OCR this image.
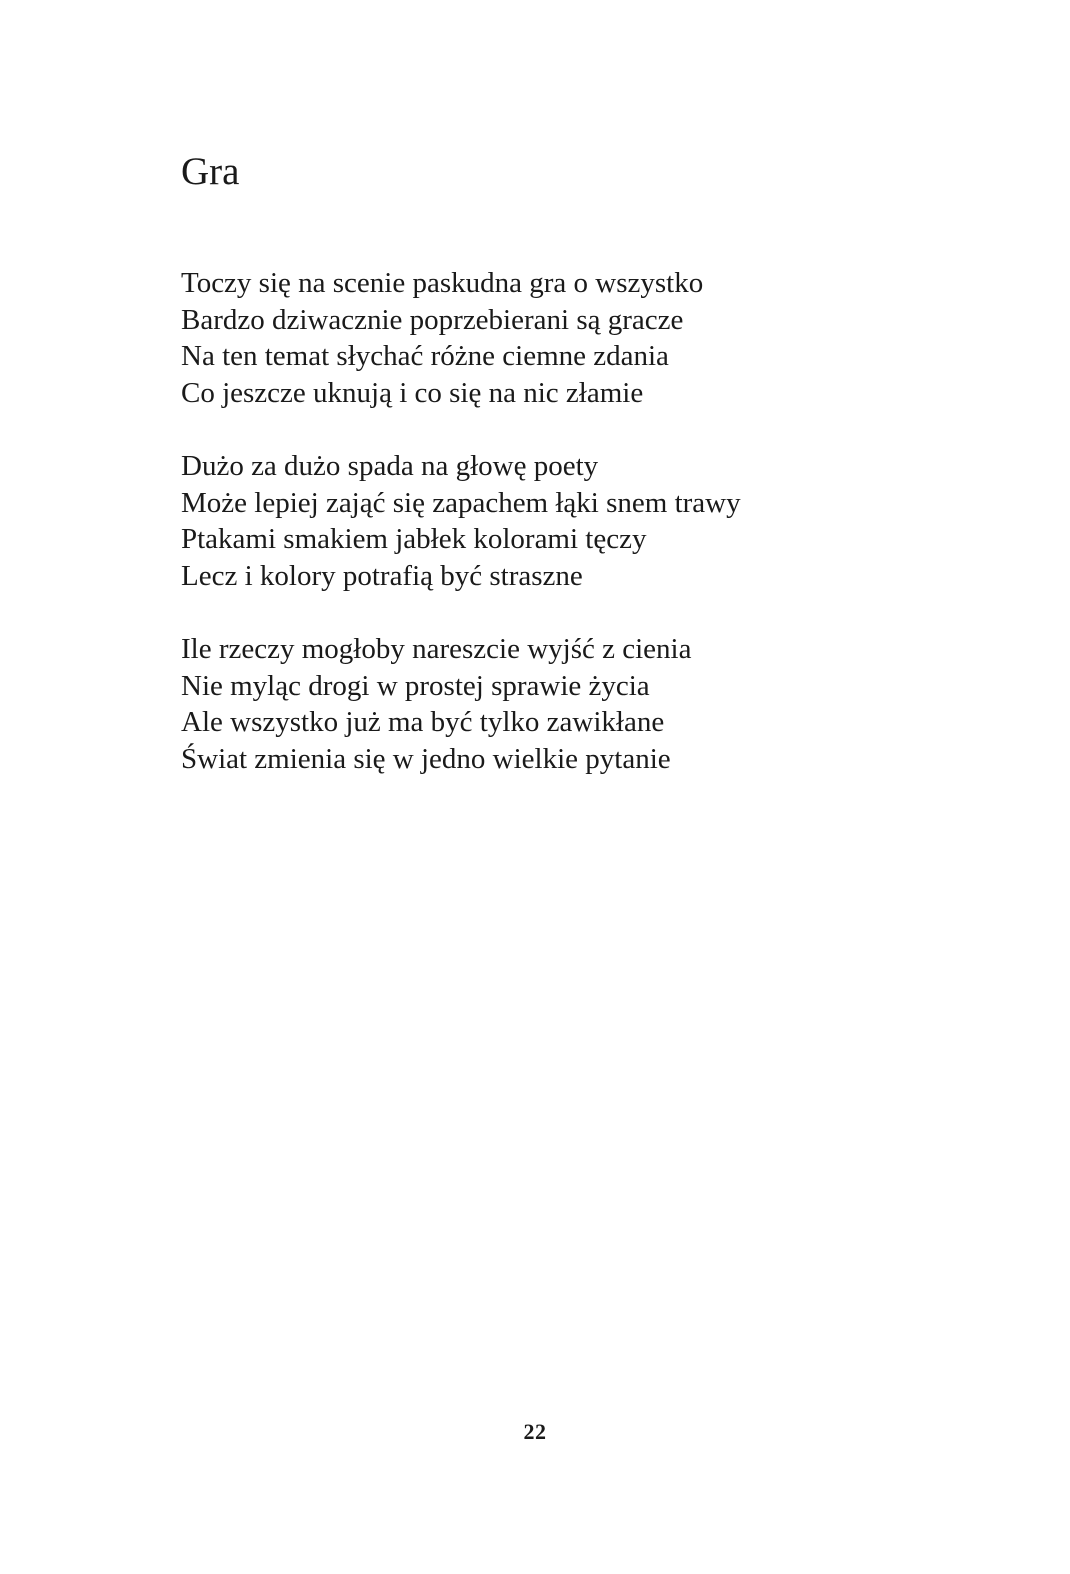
Gra
Toczy się na scenie paskudna gra o wszystko
Bardzo dziwacznie poprzebierani są gracze
Na ten temat słychać różne ciemne zdania
Co jeszcze uknują i co się na nic złamie
Dużo za dużo spada na głowę poety
Może lepiej zająć się zapachem łąki snem trawy
Ptakami smakiem jabłek kolorami tęczy
Lecz i kolory potrafią być straszne
Ile rzeczy mogłoby nareszcie wyjść z cienia
Nie myląc drogi w prostej sprawie życia
Ale wszystko już ma być tylko zawikłane
Świat zmienia się w jedno wielkie pytanie
22
